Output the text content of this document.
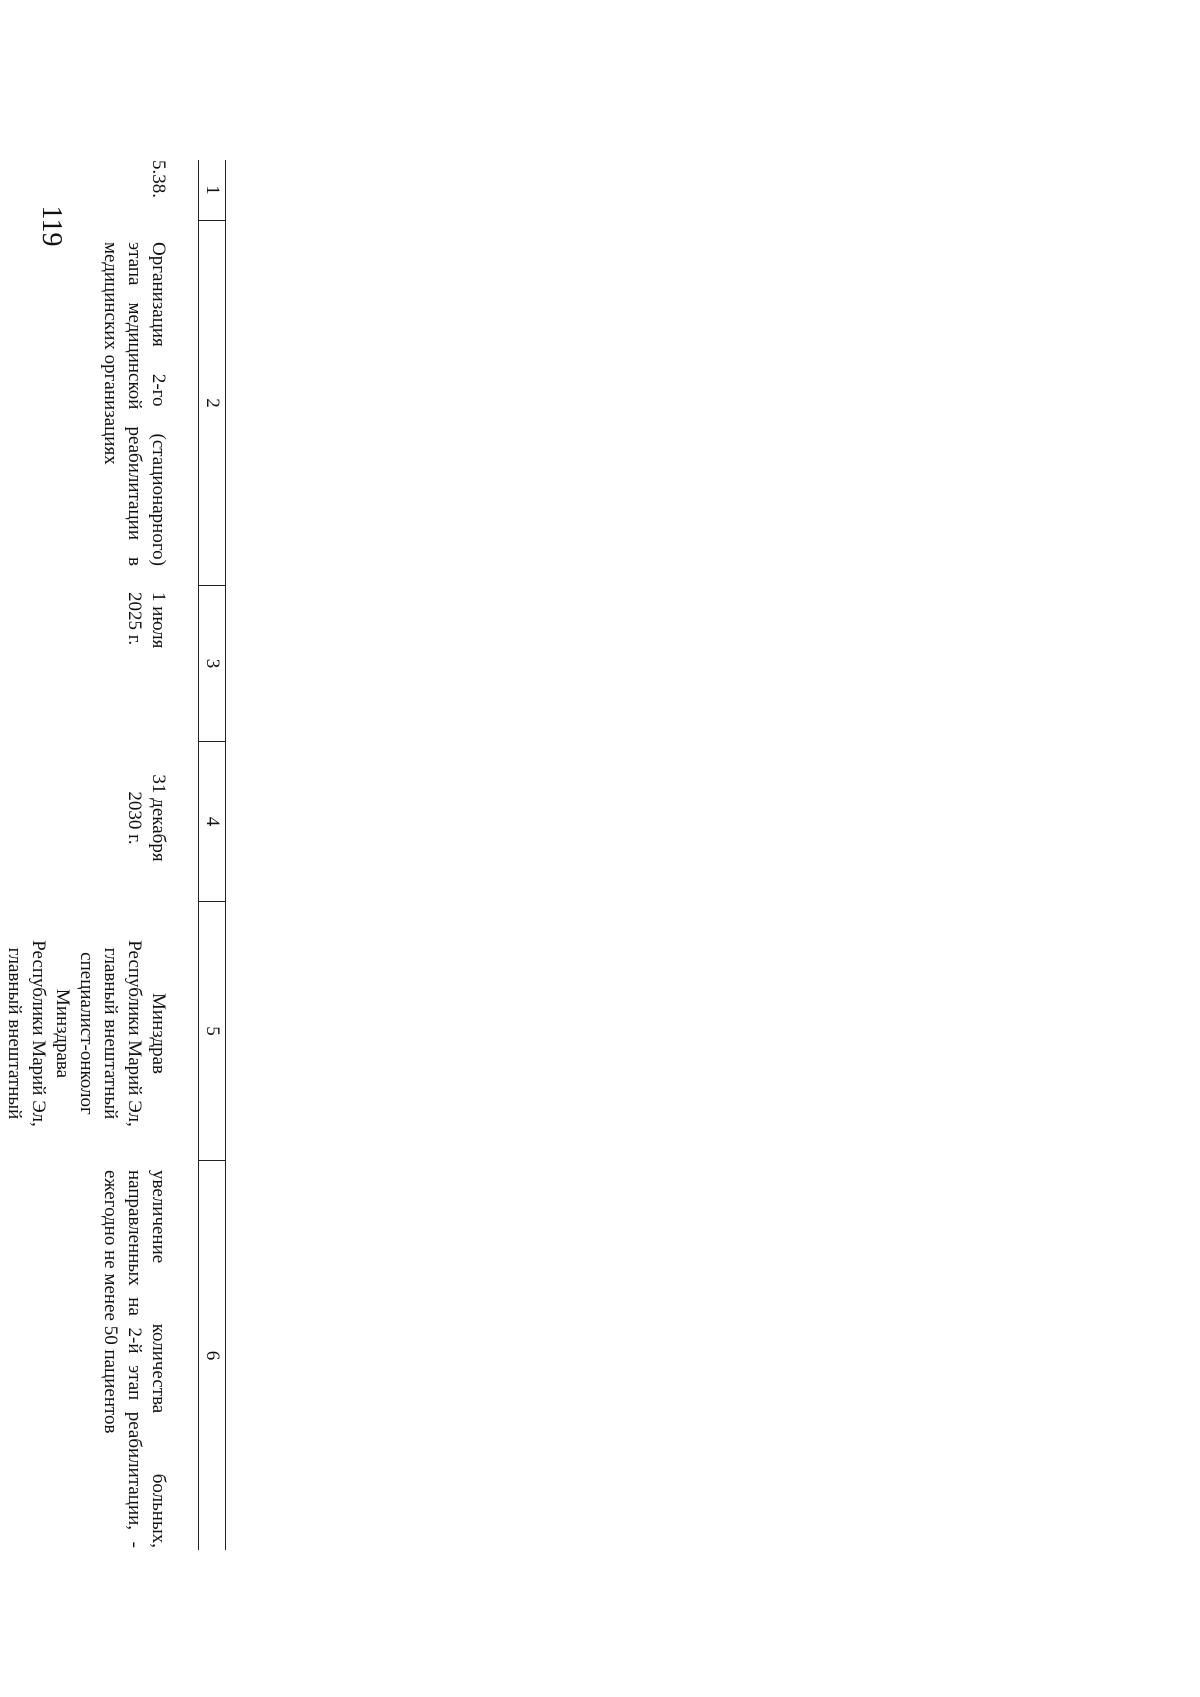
119
1
2
3
4
5
6
5.38.
Организация 2-го (стационарного) этапа медицинской реабилитации в медицинских организациях
1 июля
2025 г.
31 декабря
2030 г.
Минздрав
Республики Марий Эл,
главный внештатный
специалист-онколог
Минздрава
Республики Марий Эл,
главный внештатный
увеличение количества больных, направленных на 2-й этап реабилитации, - ежегодно не менее 50 пациентов
